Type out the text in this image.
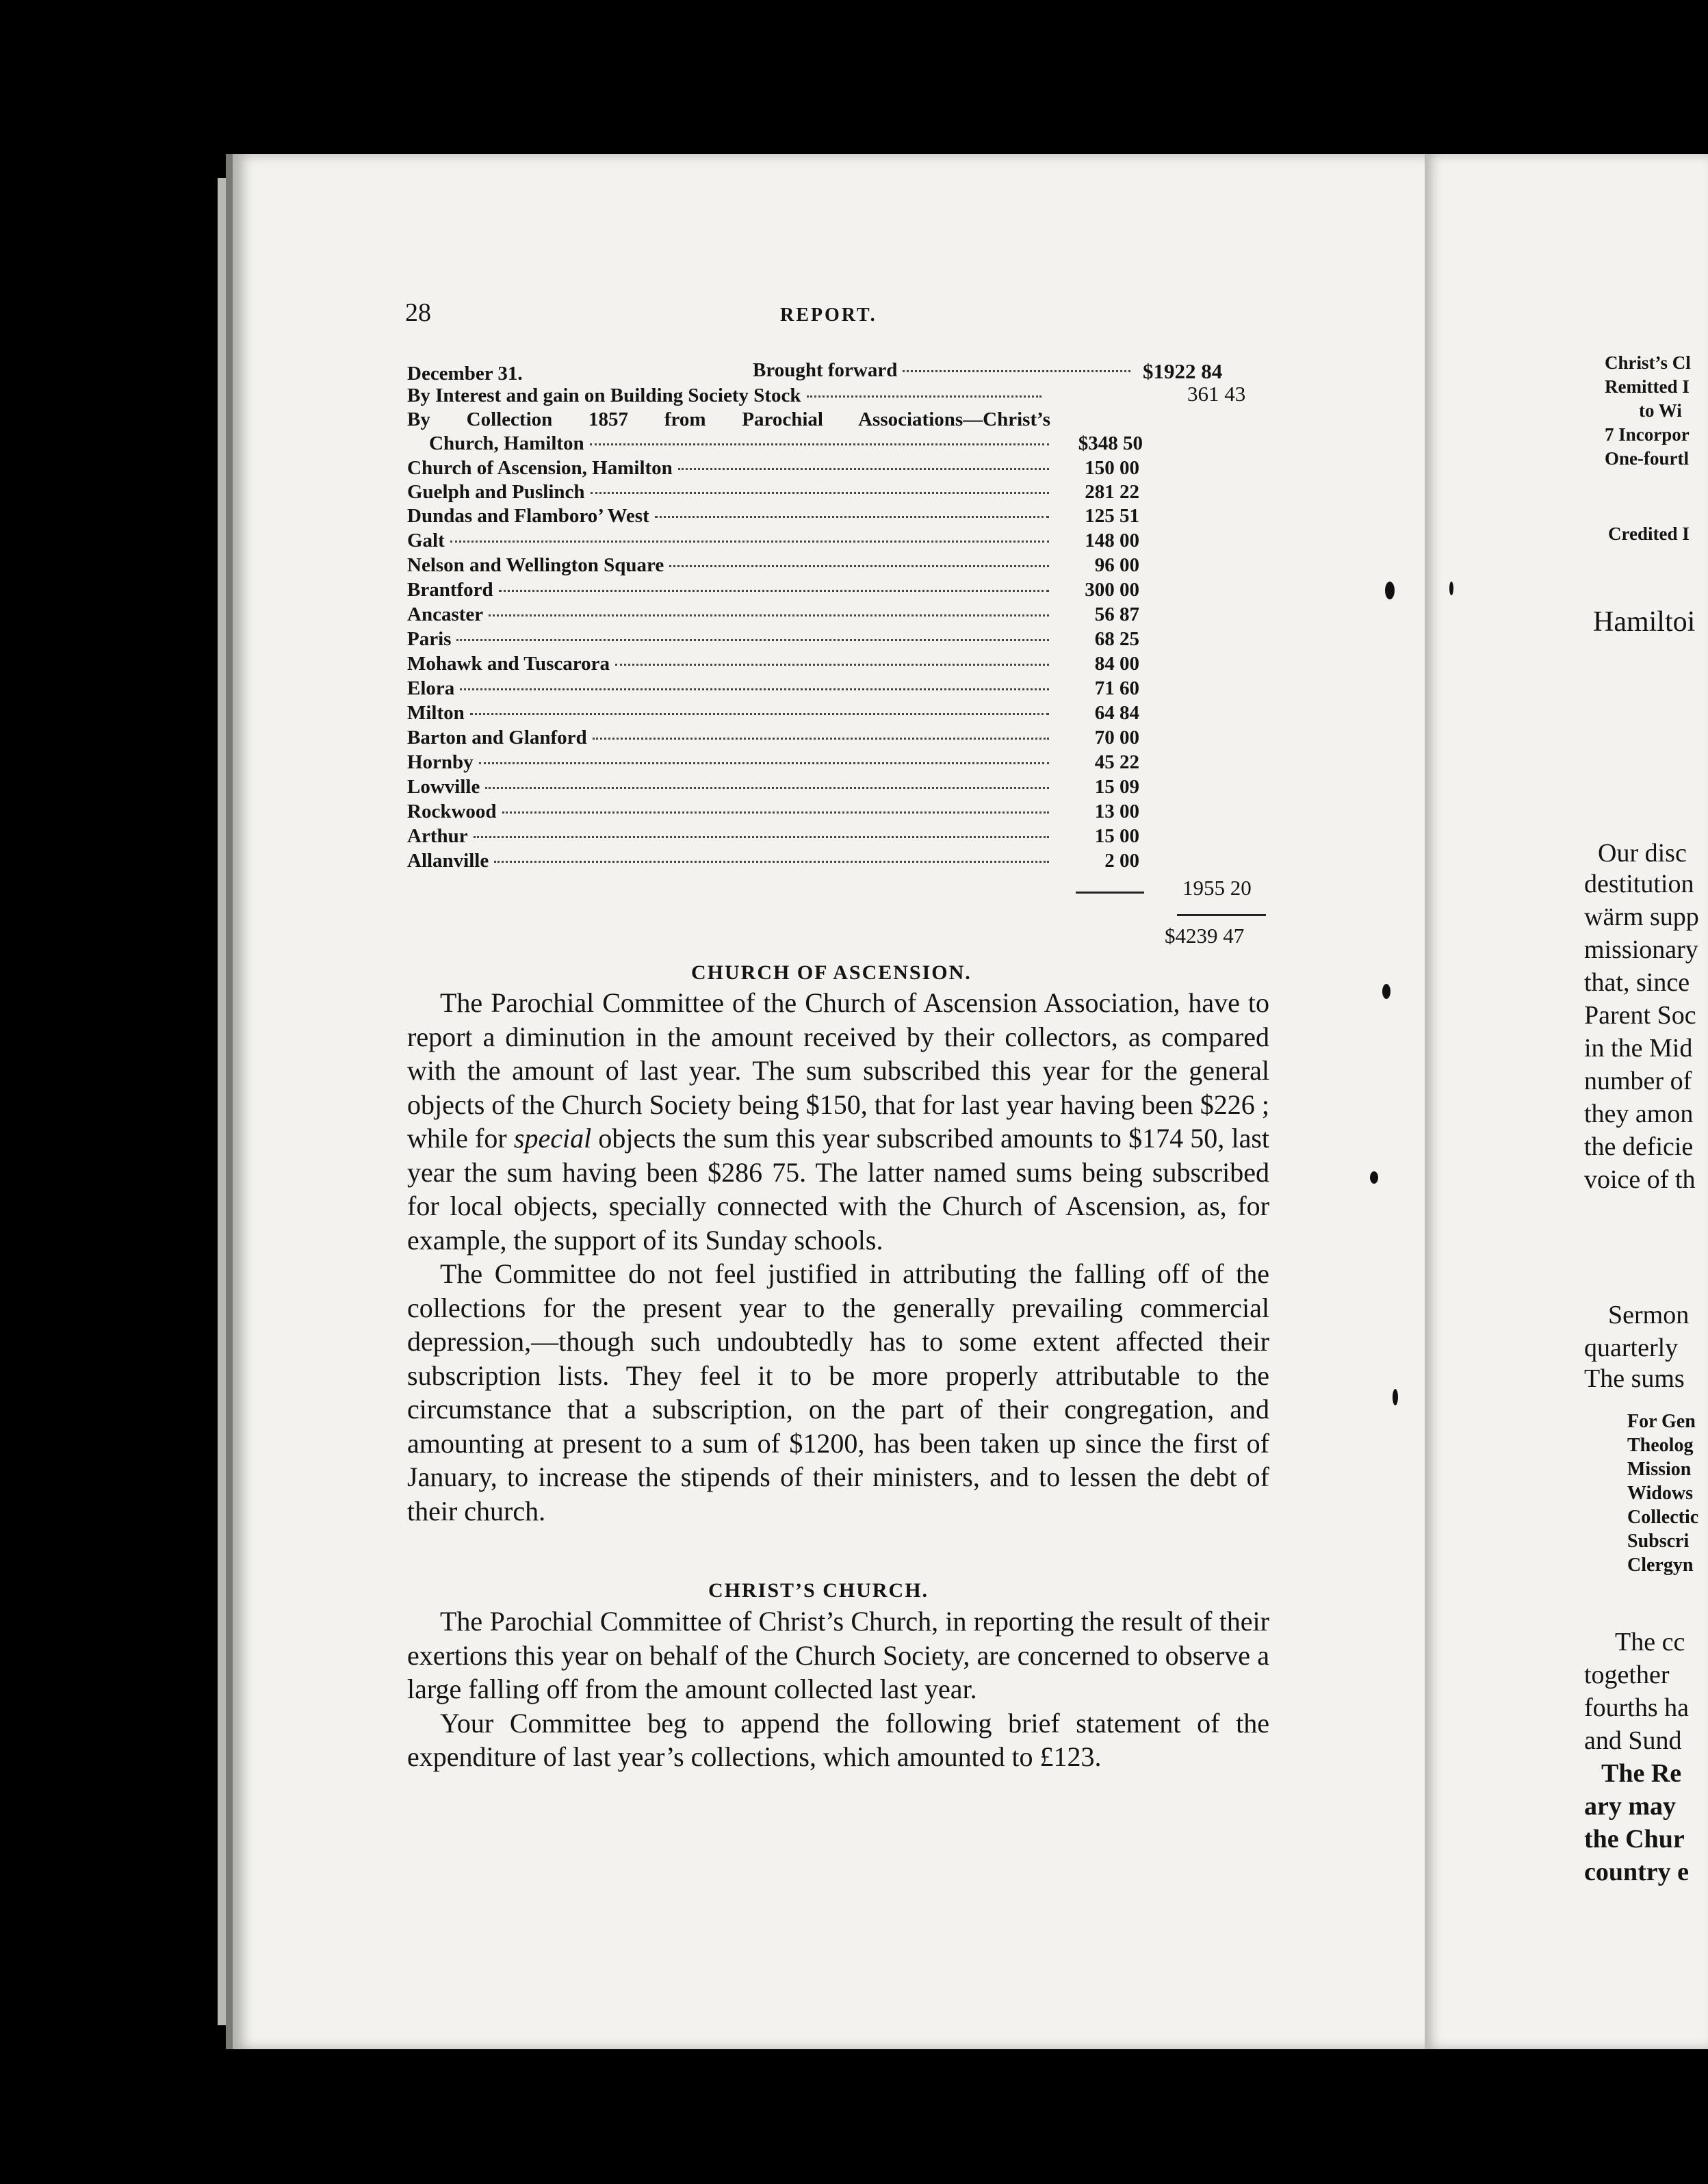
28	REPORT.
December 31.	Brought forward	$1922 84
By Interest and gain on Building Society Stock	361 43
By Collection 1857 from Parochial Associations—Christ’s
Church, Hamilton	$348 50
Church of Ascension, Hamilton	150 00
Guelph and Puslinch	281 22
Dundas and Flamboro’ West	125 51
Galt	148 00
Nelson and Wellington Square	96 00
Brantford	300 00
Ancaster	56 87
Paris	68 25
Mohawk and Tuscarora	84 00
Elora	71 60
Milton	64 84
Barton and Glanford	70 00
Hornby	45 22
Lowville	15 09
Rockwood	13 00
Arthur	15 00
Allanville	2 00
1955 20
$4239 47
CHURCH OF ASCENSION.

The Parochial Committee of the Church of Ascension Association, have to report a diminution in the amount received by their collectors, as compared with the amount of last year. The sum subscribed this year for the general objects of the Church Society being $150, that for last year having been $226 ; while for special objects the sum this year subscribed amounts to $174 50, last year the sum having been $286 75. The latter named sums being subscribed for local objects, specially connected with the Church of Ascension, as, for example, the support of its Sunday schools.

The Committee do not feel justified in attributing the falling off of the collections for the present year to the generally prevailing commercial depression,—though such undoubtedly has to some extent affected their subscription lists. They feel it to be more properly attributable to the circumstance that a subscription, on the part of their congregation, and amounting at present to a sum of $1200, has been taken up since the first of January, to increase the stipends of their ministers, and to lessen the debt of their church.

CHRIST’S CHURCH.

The Parochial Committee of Christ’s Church, in reporting the result of their exertions this year on behalf of the Church Society, are concerned to observe a large falling off from the amount collected last year.

Your Committee beg to append the following brief statement of the expenditure of last year’s collections, which amounted to £123.

Christ’s Cl
Remitted I
to Wi
7 Incorpor
One-fourtl
Credited I
Hamiltoi
Our disc
destitution
wärm supp
missionary
that, since
Parent Soc
in the Mid
number of
they amon
the deficie
voice of th
Sermon
quarterly
The sums
For Gen
Theolog
Mission
Widows
Collectic
Subscri
Clergyn
The cc
together
fourths ha
and Sund
The Re
ary may
the Chur
country e
